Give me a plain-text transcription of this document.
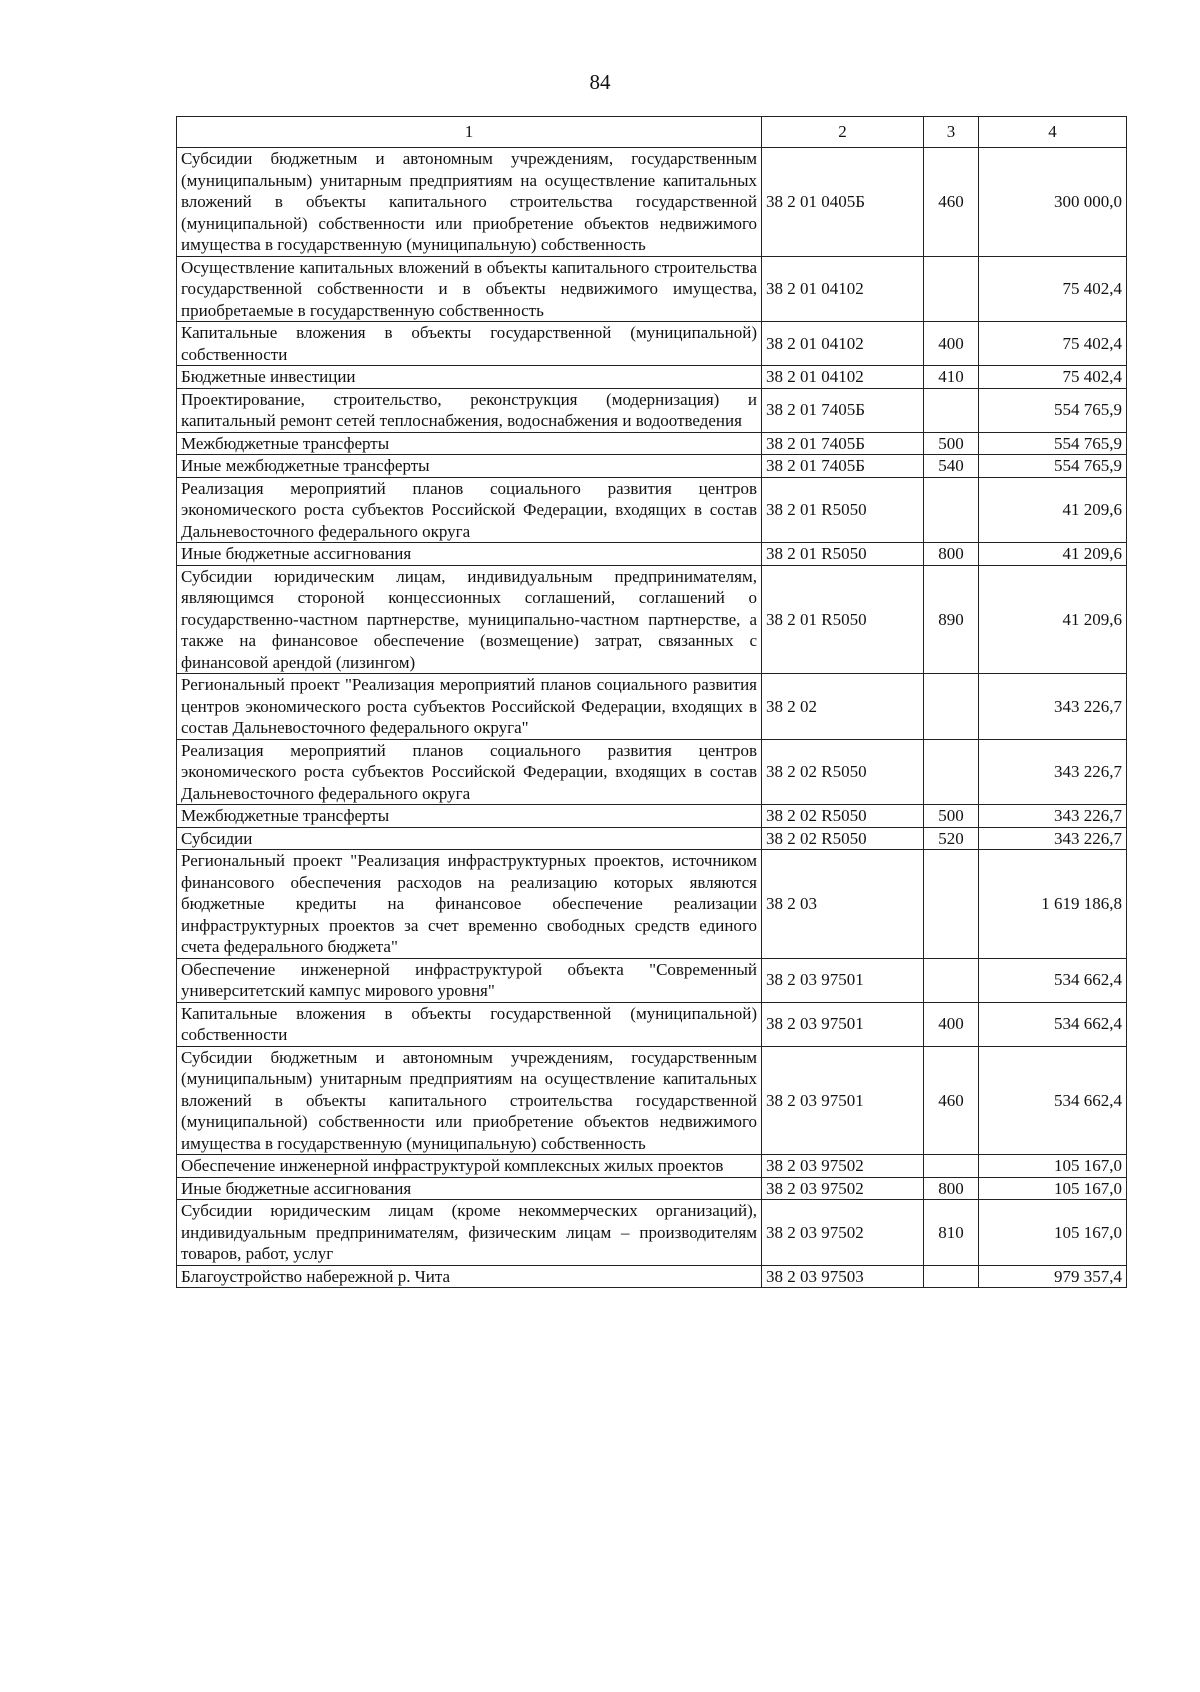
84
1	2	3	4
Субсидии бюджетным и автономным учреждениям, государственным (муниципальным) унитарным предприятиям на осуществление капитальных вложений в объекты капитального строительства государственной (муниципальной) собственности или приобретение объектов недвижимого имущества в государственную (муниципальную) собственность	38 2 01 0405Б	460	300 000,0
Осуществление капитальных вложений в объекты капитального строительства государственной собственности и в объекты недвижимого имущества, приобретаемые в государственную собственность	38 2 01 04102		75 402,4
Капитальные вложения в объекты государственной (муниципальной) собственности	38 2 01 04102	400	75 402,4
Бюджетные инвестиции	38 2 01 04102	410	75 402,4
Проектирование, строительство, реконструкция (модернизация) и капитальный ремонт сетей теплоснабжения, водоснабжения и водоотведения	38 2 01 7405Б		554 765,9
Межбюджетные трансферты	38 2 01 7405Б	500	554 765,9
Иные межбюджетные трансферты	38 2 01 7405Б	540	554 765,9
Реализация мероприятий планов социального развития центров экономического роста субъектов Российской Федерации, входящих в состав Дальневосточного федерального округа	38 2 01 R5050		41 209,6
Иные бюджетные ассигнования	38 2 01 R5050	800	41 209,6
Субсидии юридическим лицам, индивидуальным предпринимателям, являющимся стороной концессионных соглашений, соглашений о государственно-частном партнерстве, муниципально-частном партнерстве, а также на финансовое обеспечение (возмещение) затрат, связанных с финансовой арендой (лизингом)	38 2 01 R5050	890	41 209,6
Региональный проект "Реализация мероприятий планов социального развития центров экономического роста субъектов Российской Федерации, входящих в состав Дальневосточного федерального округа"	38 2 02		343 226,7
Реализация мероприятий планов социального развития центров экономического роста субъектов Российской Федерации, входящих в состав Дальневосточного федерального округа	38 2 02 R5050		343 226,7
Межбюджетные трансферты	38 2 02 R5050	500	343 226,7
Субсидии	38 2 02 R5050	520	343 226,7
Региональный проект "Реализация инфраструктурных проектов, источником финансового обеспечения расходов на реализацию которых являются бюджетные кредиты на финансовое обеспечение реализации инфраструктурных проектов за счет временно свободных средств единого счета федерального бюджета"	38 2 03		1 619 186,8
Обеспечение инженерной инфраструктурой объекта "Современный университетский кампус мирового уровня"	38 2 03 97501		534 662,4
Капитальные вложения в объекты государственной (муниципальной) собственности	38 2 03 97501	400	534 662,4
Субсидии бюджетным и автономным учреждениям, государственным (муниципальным) унитарным предприятиям на осуществление капитальных вложений в объекты капитального строительства государственной (муниципальной) собственности или приобретение объектов недвижимого имущества в государственную (муниципальную) собственность	38 2 03 97501	460	534 662,4
Обеспечение инженерной инфраструктурой комплексных жилых проектов	38 2 03 97502		105 167,0
Иные бюджетные ассигнования	38 2 03 97502	800	105 167,0
Субсидии юридическим лицам (кроме некоммерческих организаций), индивидуальным предпринимателям, физическим лицам – производителям товаров, работ, услуг	38 2 03 97502	810	105 167,0
Благоустройство набережной р. Чита	38 2 03 97503		979 357,4
